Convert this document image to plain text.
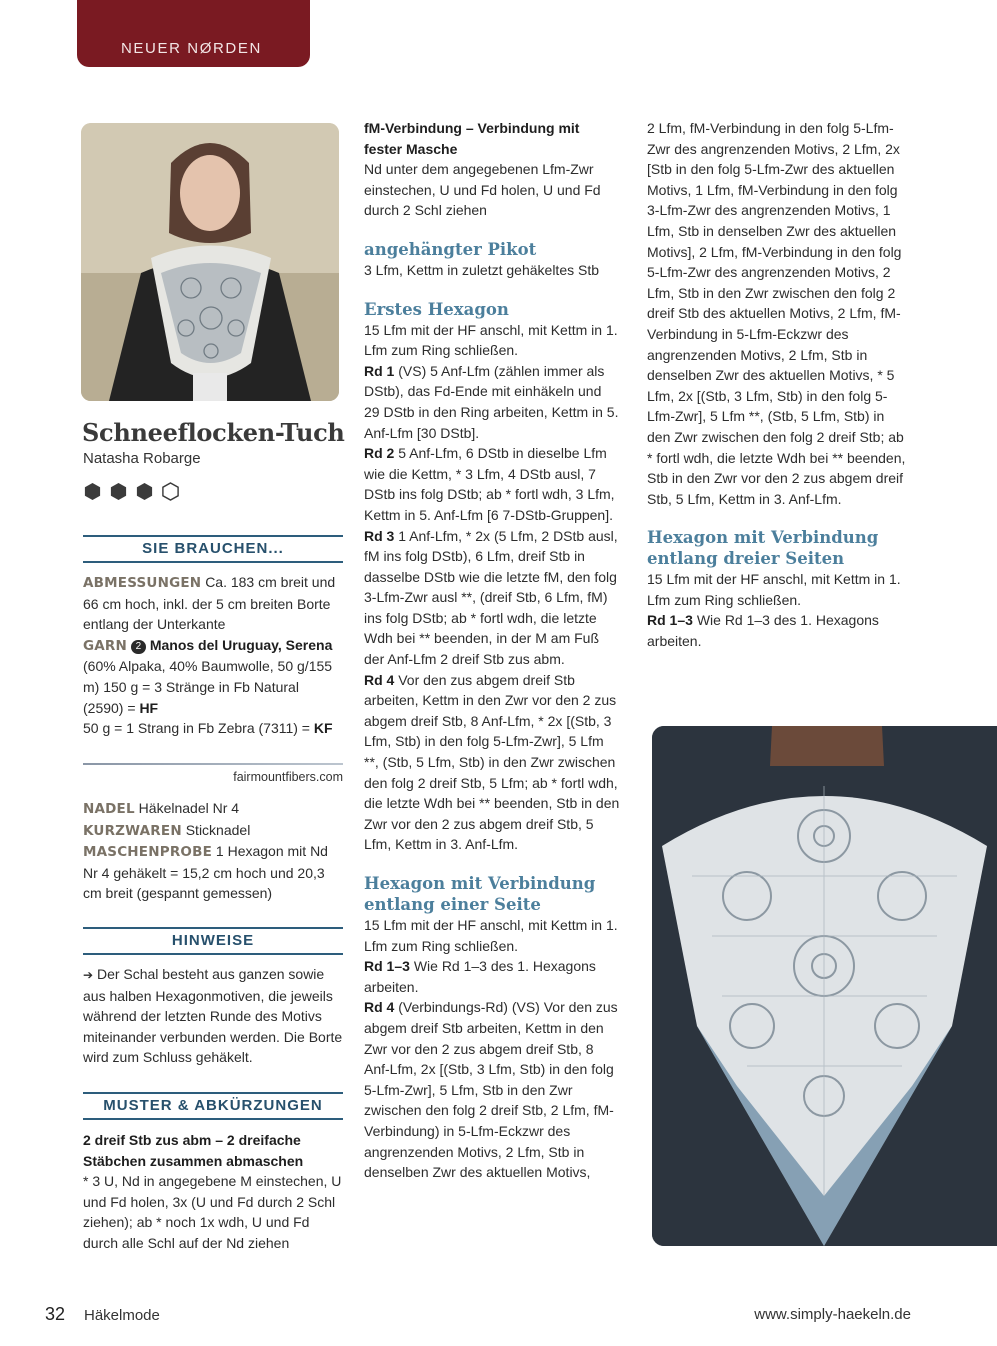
NEUER NØRDEN
Schneeflocken-Tuch
Natasha Robarge
SIE BRAUCHEN...
ABMESSUNGEN Ca. 183 cm breit und 66 cm hoch, inkl. der 5 cm breiten Borte entlang der Unterkante
GARN 2 Manos del Uruguay, Serena (60% Alpaka, 40% Baumwolle, 50 g/155 m) 150 g = 3 Stränge in Fb Natural (2590) = HF
50 g = 1 Strang in Fb Zebra (7311) = KF
fairmountfibers.com
NADEL Häkelnadel Nr 4
KURZWAREN Sticknadel
MASCHENPROBE 1 Hexagon mit Nd Nr 4 gehäkelt = 15,2 cm hoch und 20,3 cm breit (gespannt gemessen)
HINWEISE
➔ Der Schal besteht aus ganzen sowie aus halben Hexagonmotiven, die jeweils während der letzten Runde des Motivs miteinander verbunden werden. Die Borte wird zum Schluss gehäkelt.
MUSTER & ABKÜRZUNGEN
2 dreif Stb zus abm – 2 dreifache Stäbchen zusammen abmaschen
* 3 U, Nd in angegebene M einstechen, U und Fd holen, 3x (U und Fd durch 2 Schl ziehen); ab * noch 1x wdh, U und Fd durch alle Schl auf der Nd ziehen

fM-Verbindung – Verbindung mit fester Masche

Nd unter dem angegebenen Lfm-Zwr einstechen, U und Fd holen, U und Fd durch 2 Schl ziehen

angehängter Pikot

3 Lfm, Kettm in zuletzt gehäkeltes Stb

Erstes Hexagon

15 Lfm mit der HF anschl, mit Kettm in 1. Lfm zum Ring schließen.

Rd 1 (VS) 5 Anf-Lfm (zählen immer als DStb), das Fd-Ende mit einhäkeln und 29 DStb in den Ring arbeiten, Kettm in 5. Anf-Lfm [30 DStb].

Rd 2 5 Anf-Lfm, 6 DStb in dieselbe Lfm wie die Kettm, * 3 Lfm, 4 DStb ausl, 7 DStb ins folg DStb; ab * fortl wdh, 3 Lfm, Kettm in 5. Anf-Lfm [6 7-DStb-Gruppen].

Rd 3 1 Anf-Lfm, * 2x (5 Lfm, 2 DStb ausl, fM ins folg DStb), 6 Lfm, dreif Stb in dasselbe DStb wie die letzte fM, den folg 3-Lfm-Zwr ausl **, (dreif Stb, 6 Lfm, fM) ins folg DStb; ab * fortl wdh, die letzte Wdh bei ** beenden, in der M am Fuß der Anf-Lfm 2 dreif Stb zus abm.

Rd 4 Vor den zus abgem dreif Stb arbeiten, Kettm in den Zwr vor den 2 zus abgem dreif Stb, 8 Anf-Lfm, * 2x [(Stb, 3 Lfm, Stb) in den folg 5-Lfm-Zwr], 5 Lfm **, (Stb, 5 Lfm, Stb) in den Zwr zwischen den folg 2 dreif Stb, 5 Lfm; ab * fortl wdh, die letzte Wdh bei ** beenden, Stb in den Zwr vor den 2 zus abgem dreif Stb, 5 Lfm, Kettm in 3. Anf-Lfm.

Hexagon mit Verbindung entlang einer Seite

15 Lfm mit der HF anschl, mit Kettm in 1. Lfm zum Ring schließen.

Rd 1–3 Wie Rd 1–3 des 1. Hexagons arbeiten.

Rd 4 (Verbindungs-Rd) (VS) Vor den zus abgem dreif Stb arbeiten, Kettm in den Zwr vor den 2 zus abgem dreif Stb, 8 Anf-Lfm, 2x [(Stb, 3 Lfm, Stb) in den folg 5-Lfm-Zwr], 5 Lfm, Stb in den Zwr zwischen den folg 2 dreif Stb, 2 Lfm, fM-Verbindung) in 5-Lfm-Eckzwr des angrenzenden Motivs, 2 Lfm, Stb in denselben Zwr des aktuellen Motivs,

2 Lfm, fM-Verbindung in den folg 5-Lfm-Zwr des angrenzenden Motivs, 2 Lfm, 2x [Stb in den folg 5-Lfm-Zwr des aktuellen Motivs, 1 Lfm, fM-Verbindung in den folg 3-Lfm-Zwr des angrenzenden Motivs, 1 Lfm, Stb in denselben Zwr des aktuellen Motivs], 2 Lfm, fM-Verbindung in den folg 5-Lfm-Zwr des angrenzenden Motivs, 2 Lfm, Stb in den Zwr zwischen den folg 2 dreif Stb des aktuellen Motivs, 2 Lfm, fM-Verbindung in 5-Lfm-Eckzwr des angrenzenden Motivs, 2 Lfm, Stb in denselben Zwr des aktuellen Motivs, * 5 Lfm, 2x [(Stb, 3 Lfm, Stb) in den folg 5-Lfm-Zwr], 5 Lfm **, (Stb, 5 Lfm, Stb) in den Zwr zwischen den folg 2 dreif Stb; ab * fortl wdh, die letzte Wdh bei ** beenden, Stb in den Zwr vor den 2 zus abgem dreif Stb, 5 Lfm, Kettm in 3. Anf-Lfm.

Hexagon mit Verbindung entlang dreier Seiten

15 Lfm mit der HF anschl, mit Kettm in 1. Lfm zum Ring schließen.

Rd 1–3 Wie Rd 1–3 des 1. Hexagons arbeiten.

32 Häkelmode	www.simply-haekeln.de
